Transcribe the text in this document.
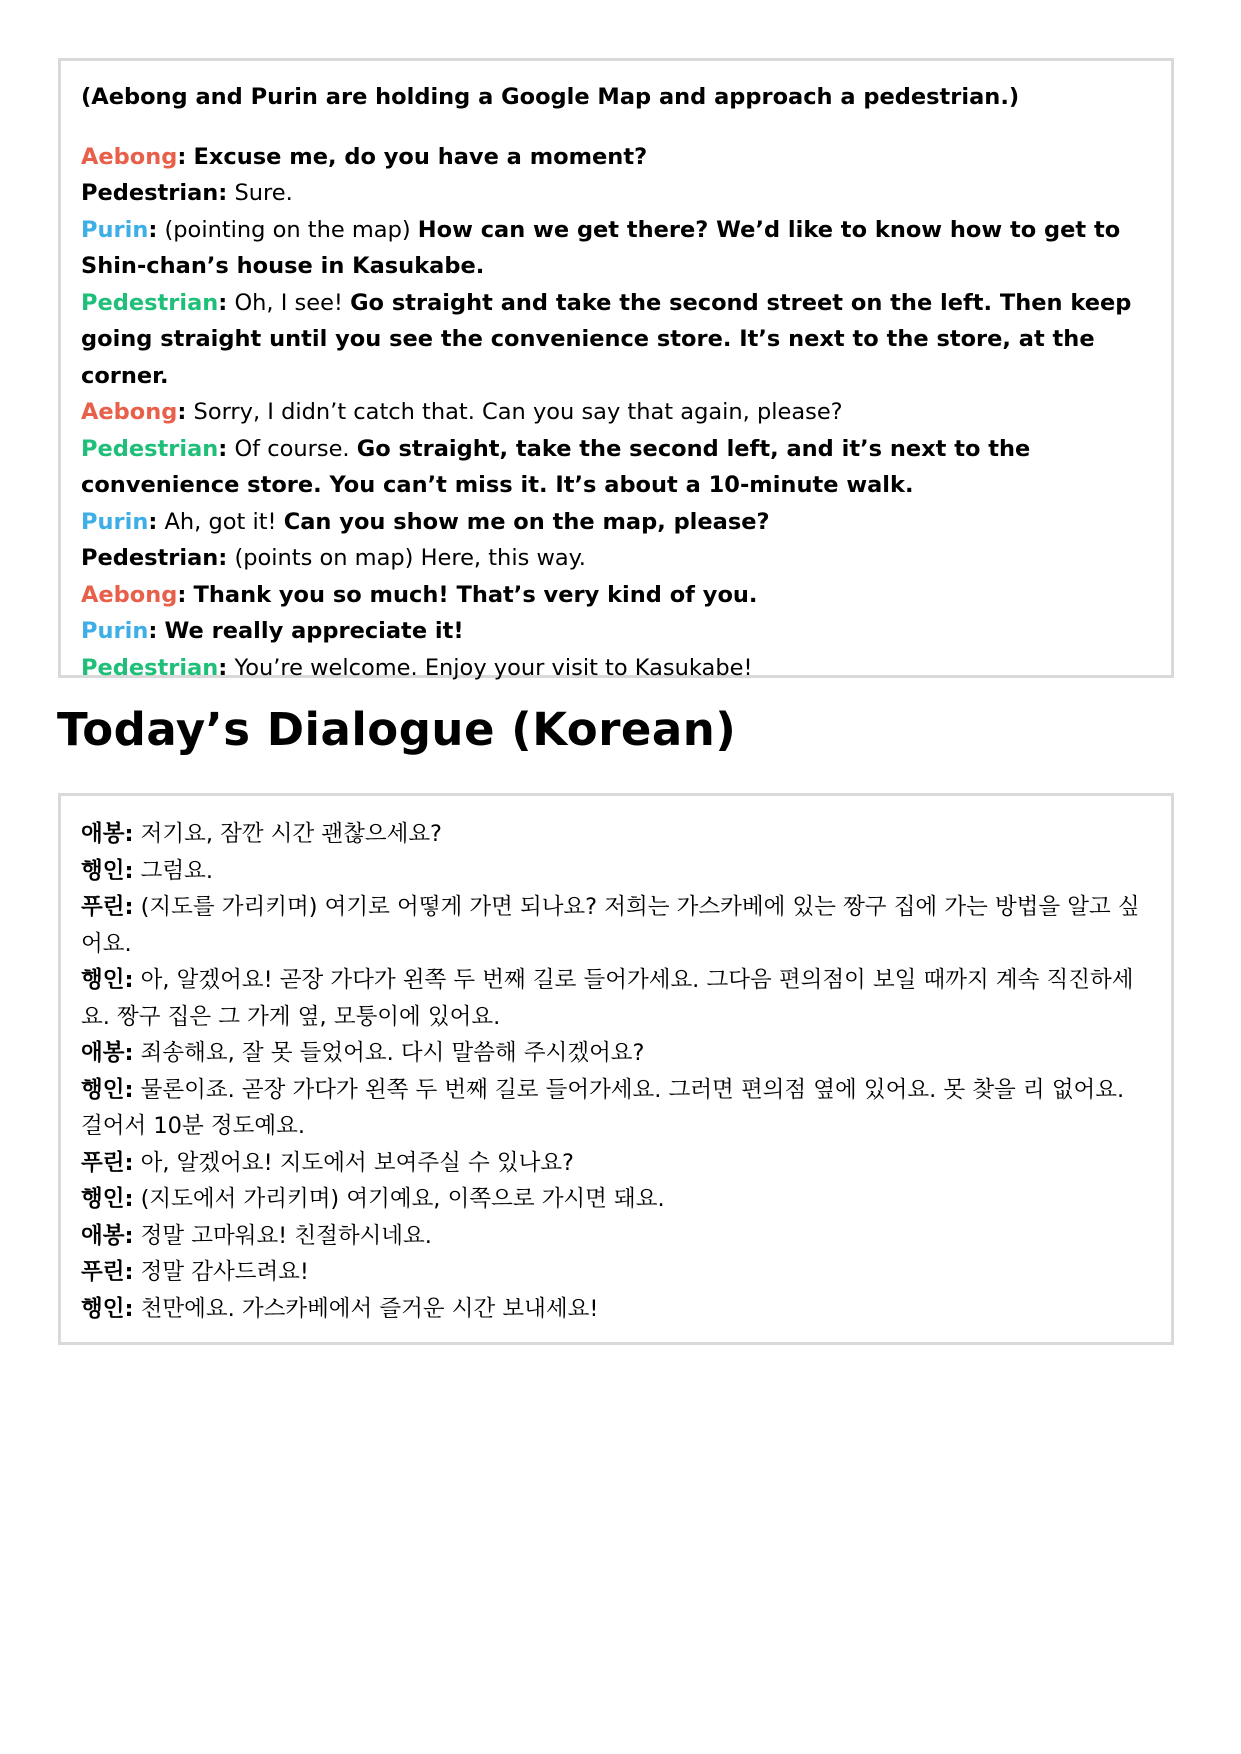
(Aebong and Purin are holding a Google Map and approach a pedestrian.)
Aebong: Excuse me, do you have a moment?
Pedestrian: Sure.
Purin: (pointing on the map) How can we get there? We’d like to know how to get to Shin-chan’s house in Kasukabe.
Pedestrian: Oh, I see! Go straight and take the second street on the left. Then keep going straight until you see the convenience store. It’s next to the store, at the corner.
Aebong: Sorry, I didn’t catch that. Can you say that again, please?
Pedestrian: Of course. Go straight, take the second left, and it’s next to the convenience store. You can’t miss it. It’s about a 10-minute walk.
Purin: Ah, got it! Can you show me on the map, please?
Pedestrian: (points on map) Here, this way.
Aebong: Thank you so much! That’s very kind of you.
Purin: We really appreciate it!
Pedestrian: You’re welcome. Enjoy your visit to Kasukabe!
Today’s Dialogue (Korean)
애봉: 저기요, 잠깐 시간 괜찮으세요?
행인: 그럼요.
푸린: (지도를 가리키며) 여기로 어떻게 가면 되나요? 저희는 가스카베에 있는 짱구 집에 가는 방법을 알고 싶어요.
행인: 아, 알겠어요! 곧장 가다가 왼쪽 두 번째 길로 들어가세요. 그다음 편의점이 보일 때까지 계속 직진하세요. 짱구 집은 그 가게 옆, 모퉁이에 있어요.
애봉: 죄송해요, 잘 못 들었어요. 다시 말씀해 주시겠어요?
행인: 물론이죠. 곧장 가다가 왼쪽 두 번째 길로 들어가세요. 그러면 편의점 옆에 있어요. 못 찾을 리 없어요. 걸어서 10분 정도예요.
푸린: 아, 알겠어요! 지도에서 보여주실 수 있나요?
행인: (지도에서 가리키며) 여기예요, 이쪽으로 가시면 돼요.
애봉: 정말 고마워요! 친절하시네요.
푸린: 정말 감사드려요!
행인: 천만에요. 가스카베에서 즐거운 시간 보내세요!
